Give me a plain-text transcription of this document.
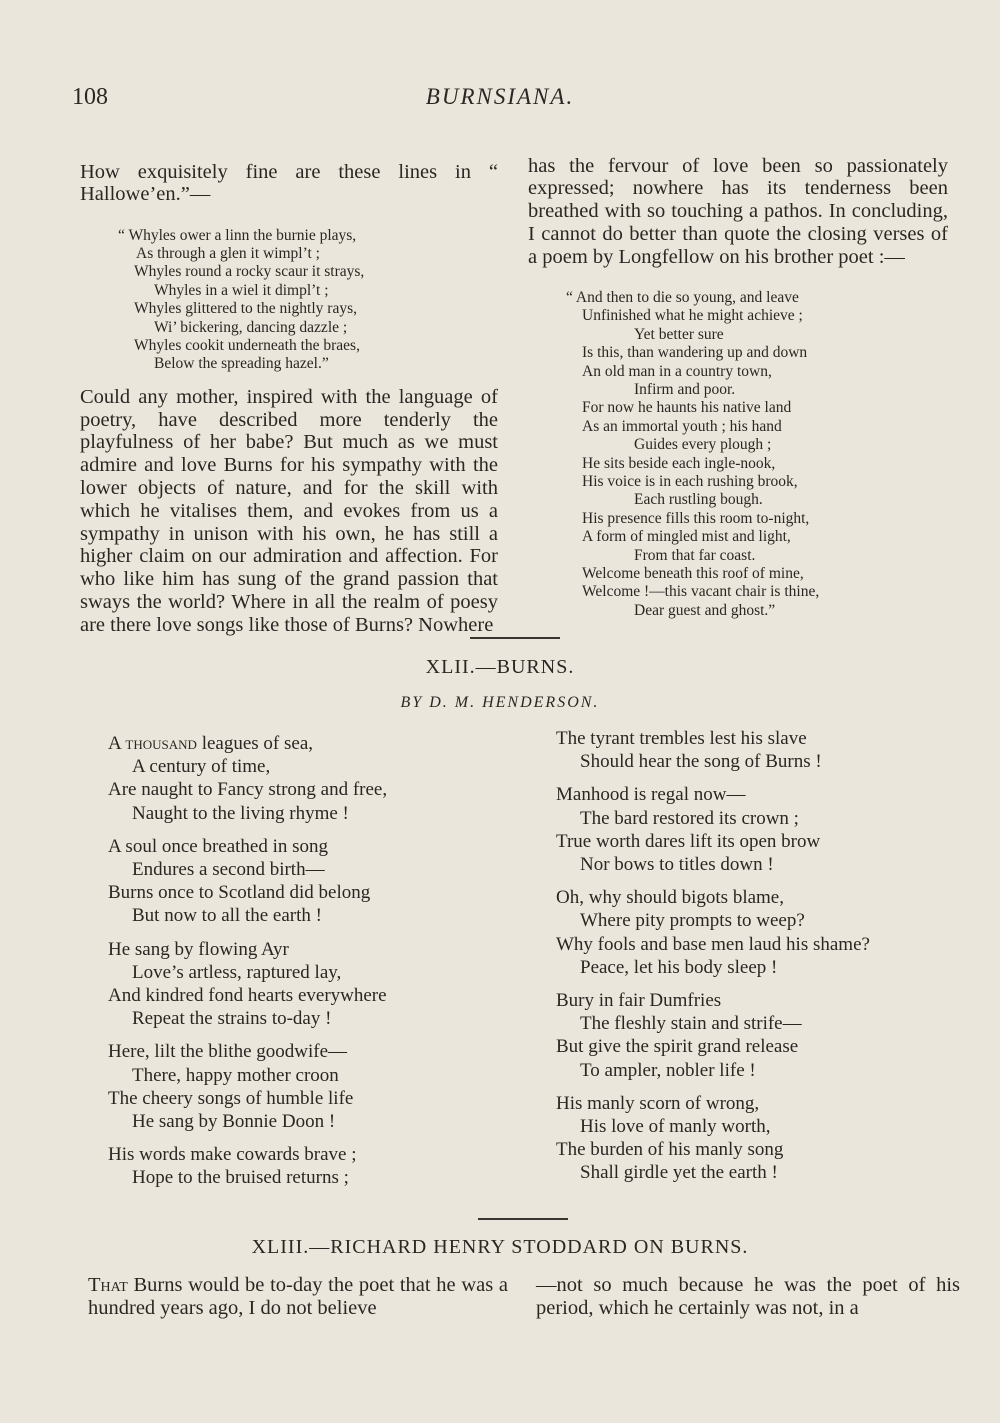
108	BURNSIANA.

How exquisitely fine are these lines in “ Hallowe’en.”—

“ Whyles ower a linn the burnie plays,
As through a glen it wimpl’t ;
Whyles round a rocky scaur it strays,
Whyles in a wiel it dimpl’t ;
Whyles glittered to the nightly rays,
Wi’ bickering, dancing dazzle ;
Whyles cookit underneath the braes,
Below the spreading hazel.”

Could any mother, inspired with the language of poetry, have described more tenderly the playfulness of her babe? But much as we must admire and love Burns for his sympathy with the lower objects of nature, and for the skill with which he vitalises them, and evokes from us a sympathy in unison with his own, he has still a higher claim on our admiration and affection. For who like him has sung of the grand passion that sways the world? Where in all the realm of poesy are there love songs like those of Burns? Nowhere

has the fervour of love been so passionately expressed; nowhere has its tenderness been breathed with so touching a pathos. In concluding, I cannot do better than quote the closing verses of a poem by Longfellow on his brother poet :—

“ And then to die so young, and leave
Unfinished what he might achieve ;
Yet better sure
Is this, than wandering up and down
An old man in a country town,
Infirm and poor.
For now he haunts his native land
As an immortal youth ; his hand
Guides every plough ;
He sits beside each ingle-nook,
His voice is in each rushing brook,
Each rustling bough.
His presence fills this room to-night,
A form of mingled mist and light,
From that far coast.
Welcome beneath this roof of mine,
Welcome !—this vacant chair is thine,
Dear guest and ghost.”
XLII.—BURNS.
BY D. M. HENDERSON.
A thousand leagues of sea,
A century of time,
Are naught to Fancy strong and free,
Naught to the living rhyme !
A soul once breathed in song
Endures a second birth—
Burns once to Scotland did belong
But now to all the earth !
He sang by flowing Ayr
Love’s artless, raptured lay,
And kindred fond hearts everywhere
Repeat the strains to-day !
Here, lilt the blithe goodwife—
There, happy mother croon
The cheery songs of humble life
He sang by Bonnie Doon !
His words make cowards brave ;
Hope to the bruised returns ;
The tyrant trembles lest his slave
Should hear the song of Burns !
Manhood is regal now—
The bard restored its crown ;
True worth dares lift its open brow
Nor bows to titles down !
Oh, why should bigots blame,
Where pity prompts to weep?
Why fools and base men laud his shame?
Peace, let his body sleep !
Bury in fair Dumfries
The fleshly stain and strife—
But give the spirit grand release
To ampler, nobler life !
His manly scorn of wrong,
His love of manly worth,
The burden of his manly song
Shall girdle yet the earth !
XLIII.—RICHARD HENRY STODDARD ON BURNS.
That Burns would be to-day the poet that he was a hundred years ago, I do not believe
—not so much because he was the poet of his period, which he certainly was not, in a
